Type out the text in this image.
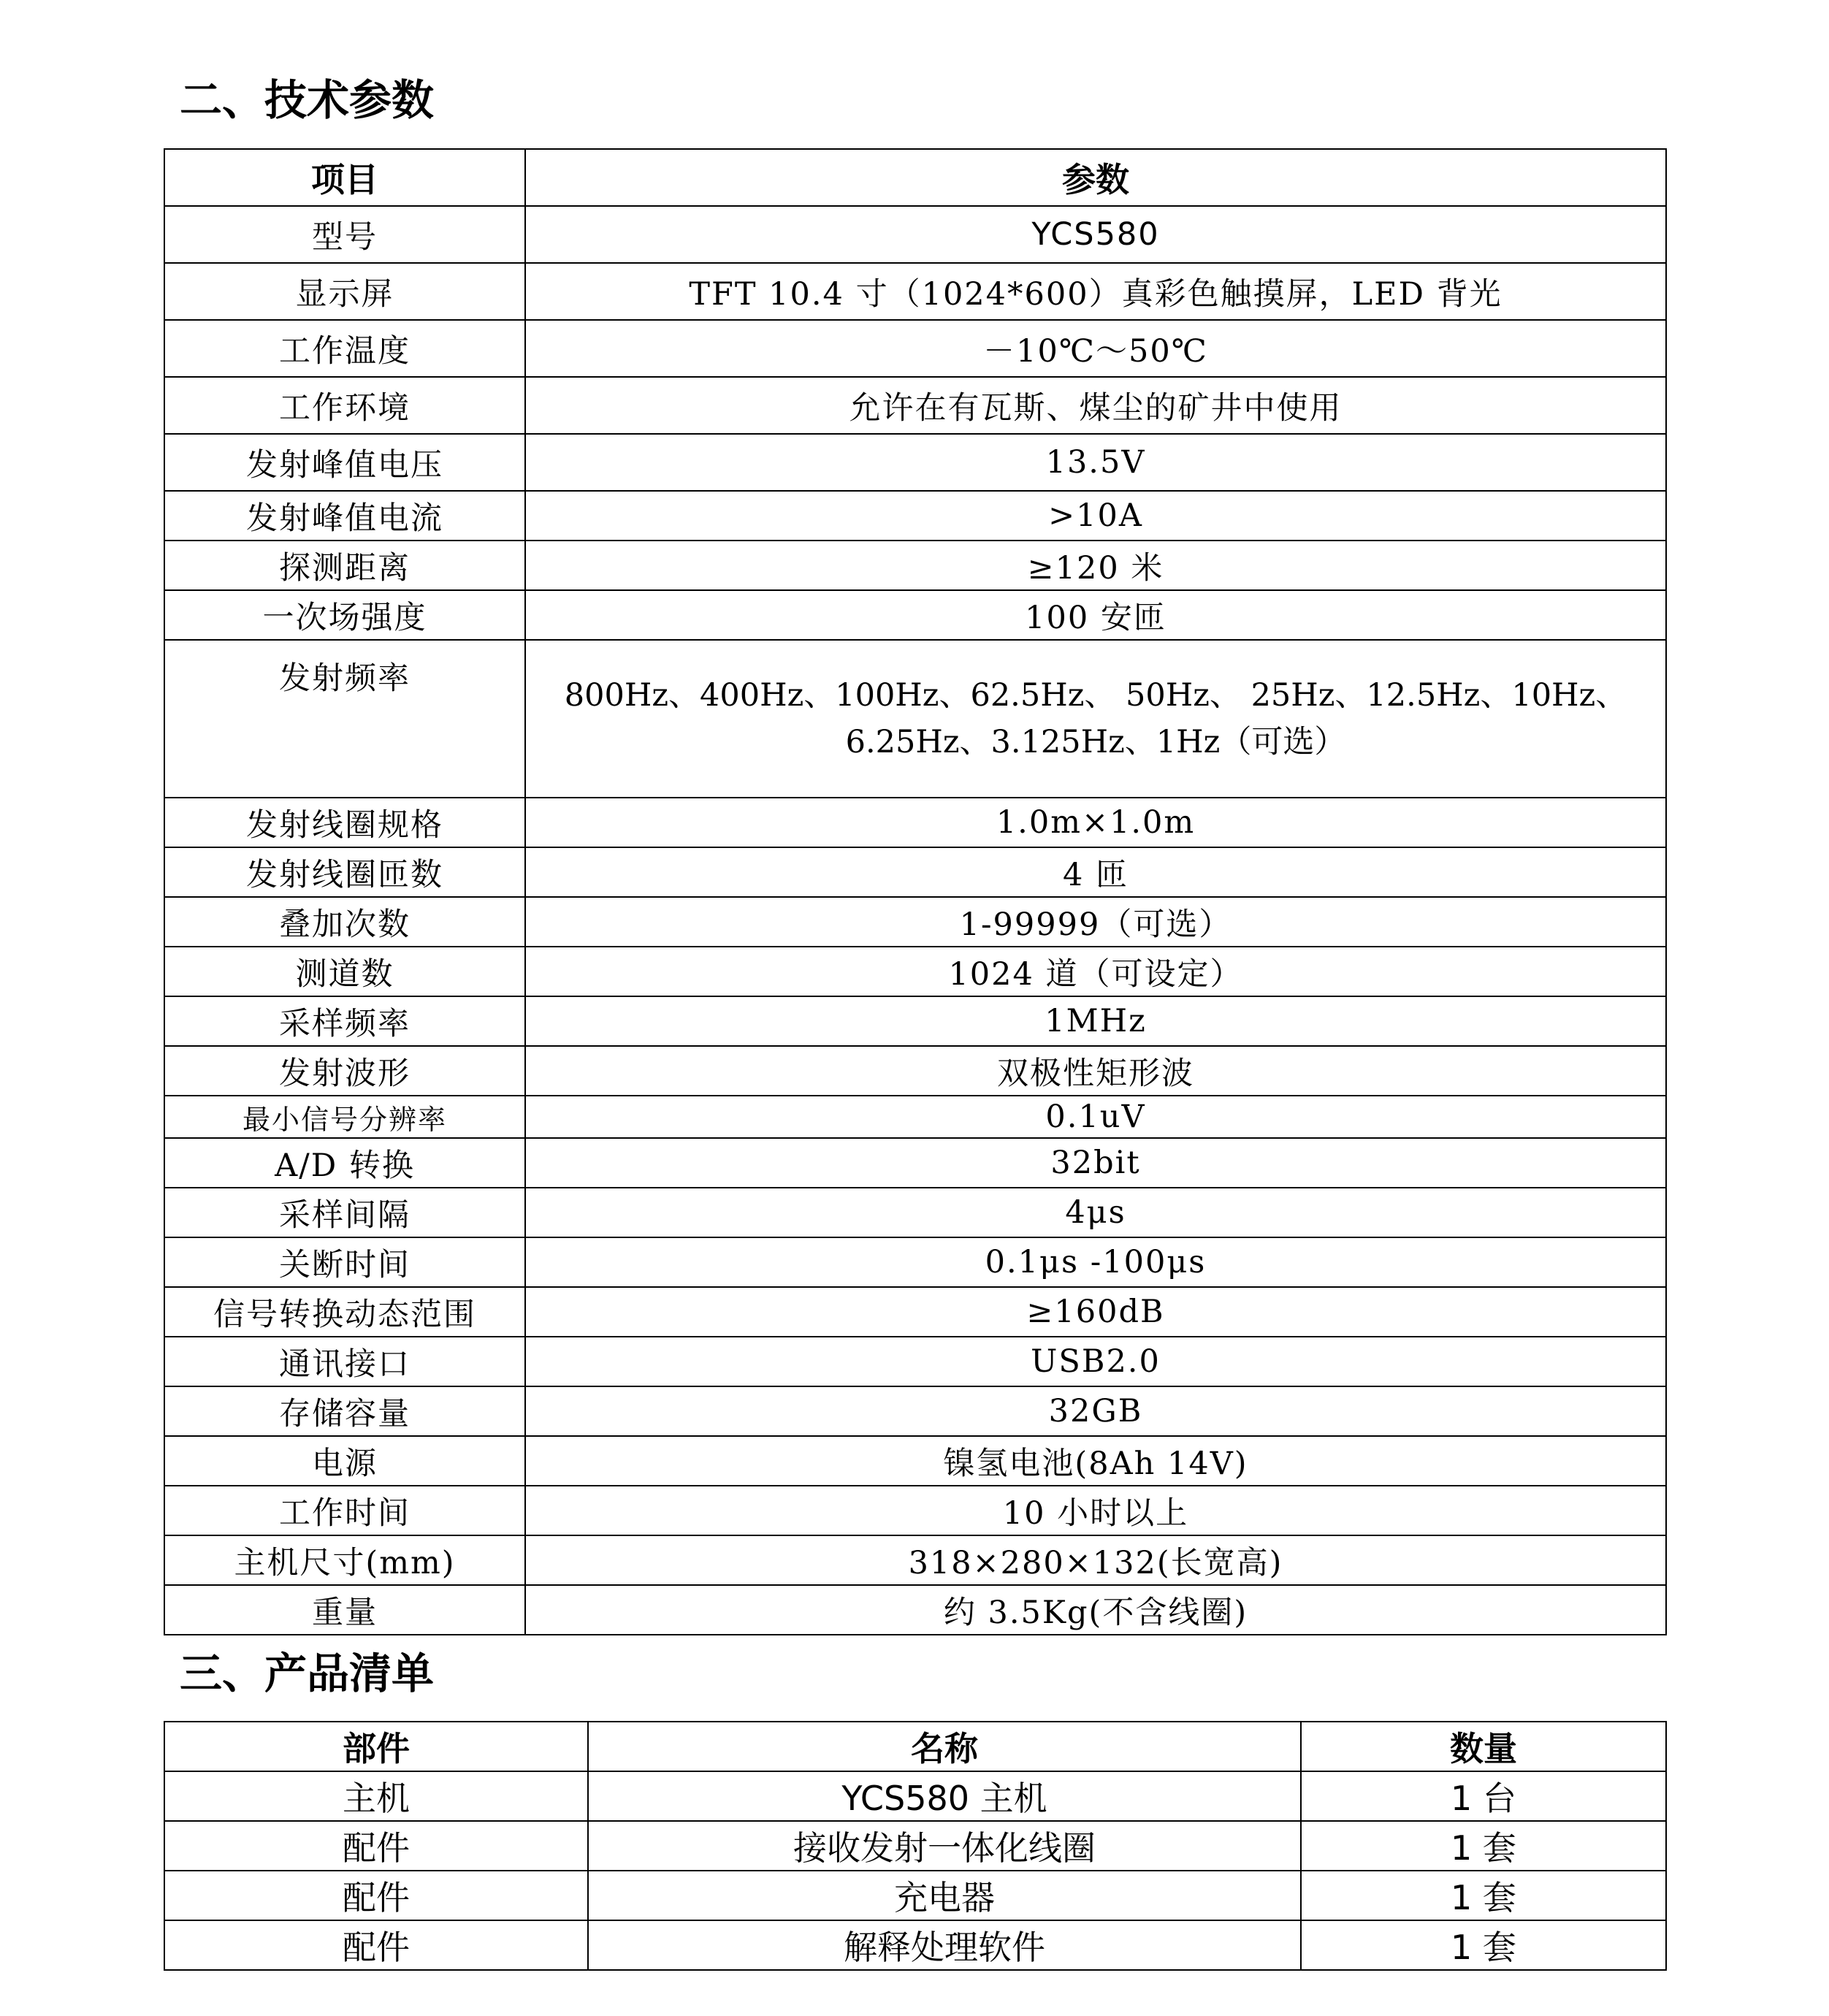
二、技术参数
项目	参数
型号	YCS580
显示屏	TFT 10.4 寸（1024*600）真彩色触摸屏，LED 背光
工作温度	－10℃～50℃
工作环境	允许在有瓦斯、煤尘的矿井中使用
发射峰值电压	13.5V
发射峰值电流	>10A
探测距离	≥120 米
一次场强度	100 安匝
发射频率	800Hz、400Hz、100Hz、62.5Hz、 50Hz、 25Hz、12.5Hz、10Hz、6.25Hz、3.125Hz、1Hz（可选）
发射线圈规格	1.0m×1.0m
发射线圈匝数	4 匝
叠加次数	1-99999（可选）
测道数	1024 道（可设定）
采样频率	1MHz
发射波形	双极性矩形波
最小信号分辨率	0.1uV
A/D 转换	32bit
采样间隔	4μs
关断时间	0.1μs -100μs
信号转换动态范围	≥160dB
通讯接口	USB2.0
存储容量	32GB
电源	镍氢电池(8Ah 14V)
工作时间	10 小时以上
主机尺寸(mm)	318×280×132(长宽高)
重量	约 3.5Kg(不含线圈)
三、产品清单
部件	名称	数量
主机	YCS580 主机	1 台
配件	接收发射一体化线圈	1 套
配件	充电器	1 套
配件	解释处理软件	1 套
